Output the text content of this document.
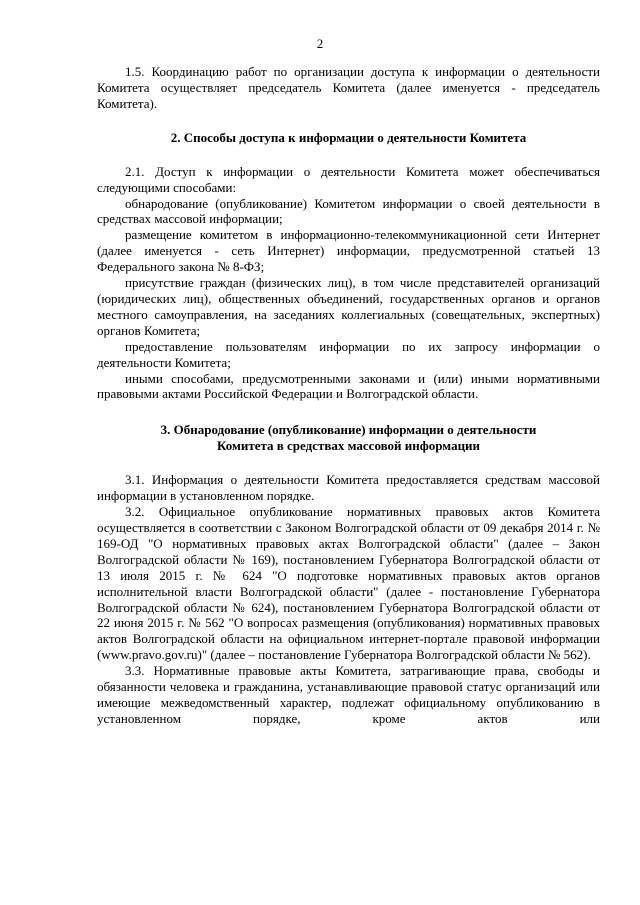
2

1.5. Координацию работ по организации доступа к информации о деятельности Комитета осуществляет председатель Комитета (далее именуется - председатель Комитета).

2. Способы доступа к информации о деятельности Комитета

2.1. Доступ к информации о деятельности Комитета может обеспечиваться следующими способами:

обнародование (опубликование) Комитетом информации о своей деятельности в средствах массовой информации;

размещение комитетом в информационно-телекоммуникационной сети Интернет (далее именуется - сеть Интернет) информации, предусмотренной статьей 13 Федерального закона № 8-ФЗ;

присутствие граждан (физических лиц), в том числе представителей организаций (юридических лиц), общественных объединений, государственных органов и органов местного самоуправления, на заседаниях коллегиальных (совещательных, экспертных) органов Комитета;

предоставление пользователям информации по их запросу информации о деятельности Комитета;

иными способами, предусмотренными законами и (или) иными нормативными правовыми актами Российской Федерации и Волгоградской области.

3. Обнародование (опубликование) информации о деятельности

Комитета в средствах массовой информации

3.1. Информация о деятельности Комитета предоставляется средствам массовой информации в установленном порядке.

3.2. Официальное опубликование нормативных правовых актов Комитета осуществляется в соответствии с Законом Волгоградской области от 09 декабря 2014 г. № 169-ОД "О нормативных правовых актах Волгоградской области" (далее – Закон Волгоградской области № 169), постановлением Губернатора Волгоградской области от 13 июля 2015 г. № 624 "О подготовке нормативных правовых актов органов исполнительной власти Волгоградской области" (далее - постановление Губернатора Волгоградской области № 624), постановлением Губернатора Волгоградской области от 22 июня 2015 г. № 562 "О вопросах размещения (опубликования) нормативных правовых актов Волгоградской области на официальном интернет-портале правовой информации (www.pravo.gov.ru)" (далее – постановление Губернатора Волгоградской области № 562).

3.3. Нормативные правовые акты Комитета, затрагивающие права, свободы и обязанности человека и гражданина, устанавливающие правовой статус организаций или имеющие межведомственный характер, подлежат официальному опубликованию в установленном порядке, кроме актов или
